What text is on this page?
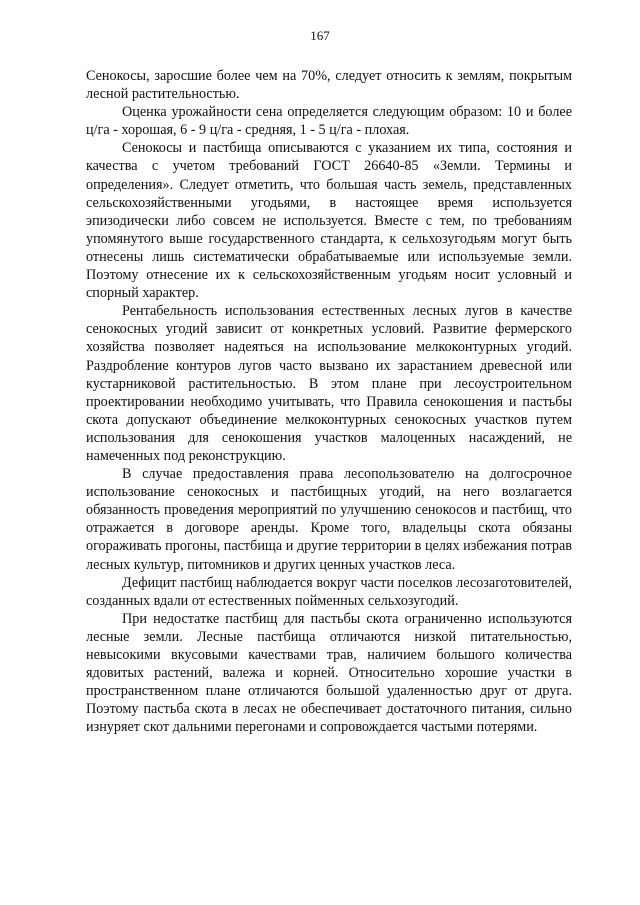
167

Сенокосы, заросшие более чем на 70%, следует относить к землям, покрытым лесной растительностью.

Оценка урожайности сена определяется следующим образом: 10 и более ц/га - хорошая, 6 - 9 ц/га - средняя, 1 - 5 ц/га - плохая.

Сенокосы и пастбища описываются с указанием их типа, состояния и качества с учетом требований ГОСТ 26640-85 «Земли. Термины и определения». Следует отметить, что большая часть земель, представленных сельскохозяйственными угодьями, в настоящее время используется эпизодически либо совсем не используется. Вместе с тем, по требованиям упомянутого выше государственного стандарта, к сельхозугодьям могут быть отнесены лишь систематически обрабатываемые или используемые земли. Поэтому отнесение их к сельскохозяйственным угодьям носит условный и спорный характер.

Рентабельность использования естественных лесных лугов в качестве сенокосных угодий зависит от конкретных условий. Развитие фермерского хозяйства позволяет надеяться на использование мелкоконтурных угодий. Раздробление контуров лугов часто вызвано их зарастанием древесной или кустарниковой растительностью. В этом плане при лесоустроительном проектировании необходимо учитывать, что Правила сенокошения и пастьбы скота допускают объединение мелкоконтурных сенокосных участков путем использования для сенокошения участков малоценных насаждений, не намеченных под реконструкцию.

В случае предоставления права лесопользователю на долгосрочное использование сенокосных и пастбищных угодий, на него возлагается обязанность проведения мероприятий по улучшению сенокосов и пастбищ, что отражается в договоре аренды. Кроме того, владельцы скота обязаны огораживать прогоны, пастбища и другие территории в целях избежания потрав лесных культур, питомников и других ценных участков леса.

Дефицит пастбищ наблюдается вокруг части поселков лесозаготовителей, созданных вдали от естественных пойменных сельхозугодий.

При недостатке пастбищ для пастьбы скота ограниченно используются лесные земли. Лесные пастбища отличаются низкой питательностью, невысокими вкусовыми качествами трав, наличием большого количества ядовитых растений, валежа и корней. Относительно хорошие участки в пространственном плане отличаются большой удаленностью друг от друга. Поэтому пастьба скота в лесах не обеспечивает достаточного питания, сильно изнуряет скот дальними перегонами и сопровождается частыми потерями.
